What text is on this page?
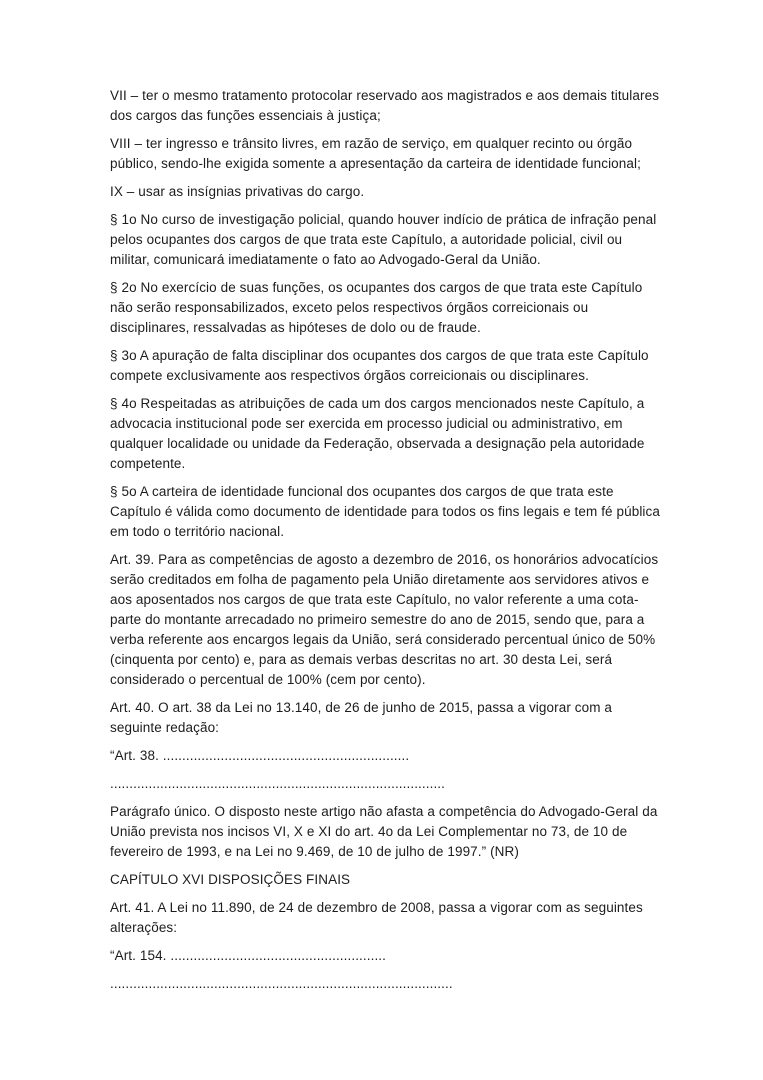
VII – ter o mesmo tratamento protocolar reservado aos magistrados e aos demais titulares dos cargos das funções essenciais à justiça;

VIII – ter ingresso e trânsito livres, em razão de serviço, em qualquer recinto ou órgão público, sendo-lhe exigida somente a apresentação da carteira de identidade funcional;

IX – usar as insígnias privativas do cargo.

§ 1o No curso de investigação policial, quando houver indício de prática de infração penal pelos ocupantes dos cargos de que trata este Capítulo, a autoridade policial, civil ou militar, comunicará imediatamente o fato ao Advogado-Geral da União.

§ 2o No exercício de suas funções, os ocupantes dos cargos de que trata este Capítulo não serão responsabilizados, exceto pelos respectivos órgãos correicionais ou disciplinares, ressalvadas as hipóteses de dolo ou de fraude.

§ 3o A apuração de falta disciplinar dos ocupantes dos cargos de que trata este Capítulo compete exclusivamente aos respectivos órgãos correicionais ou disciplinares.

§ 4o Respeitadas as atribuições de cada um dos cargos mencionados neste Capítulo, a advocacia institucional pode ser exercida em processo judicial ou administrativo, em qualquer localidade ou unidade da Federação, observada a designação pela autoridade competente.

§ 5o A carteira de identidade funcional dos ocupantes dos cargos de que trata este Capítulo é válida como documento de identidade para todos os fins legais e tem fé pública em todo o território nacional.

Art. 39. Para as competências de agosto a dezembro de 2016, os honorários advocatícios serão creditados em folha de pagamento pela União diretamente aos servidores ativos e aos aposentados nos cargos de que trata este Capítulo, no valor referente a uma cota-parte do montante arrecadado no primeiro semestre do ano de 2015, sendo que, para a verba referente aos encargos legais da União, será considerado percentual único de 50% (cinquenta por cento) e, para as demais verbas descritas no art. 30 desta Lei, será considerado o percentual de 100% (cem por cento).

Art. 40. O art. 38 da Lei no 13.140, de 26 de junho de 2015, passa a vigorar com a seguinte redação:

“Art. 38. ................................................................

.......................................................................................

Parágrafo único. O disposto neste artigo não afasta a competência do Advogado-Geral da União prevista nos incisos VI, X e XI do art. 4o da Lei Complementar no 73, de 10 de fevereiro de 1993, e na Lei no 9.469, de 10 de julho de 1997.” (NR)

CAPÍTULO XVI DISPOSIÇÕES FINAIS

Art. 41. A Lei no 11.890, de 24 de dezembro de 2008, passa a vigorar com as seguintes alterações:

“Art. 154. ........................................................

.........................................................................................
